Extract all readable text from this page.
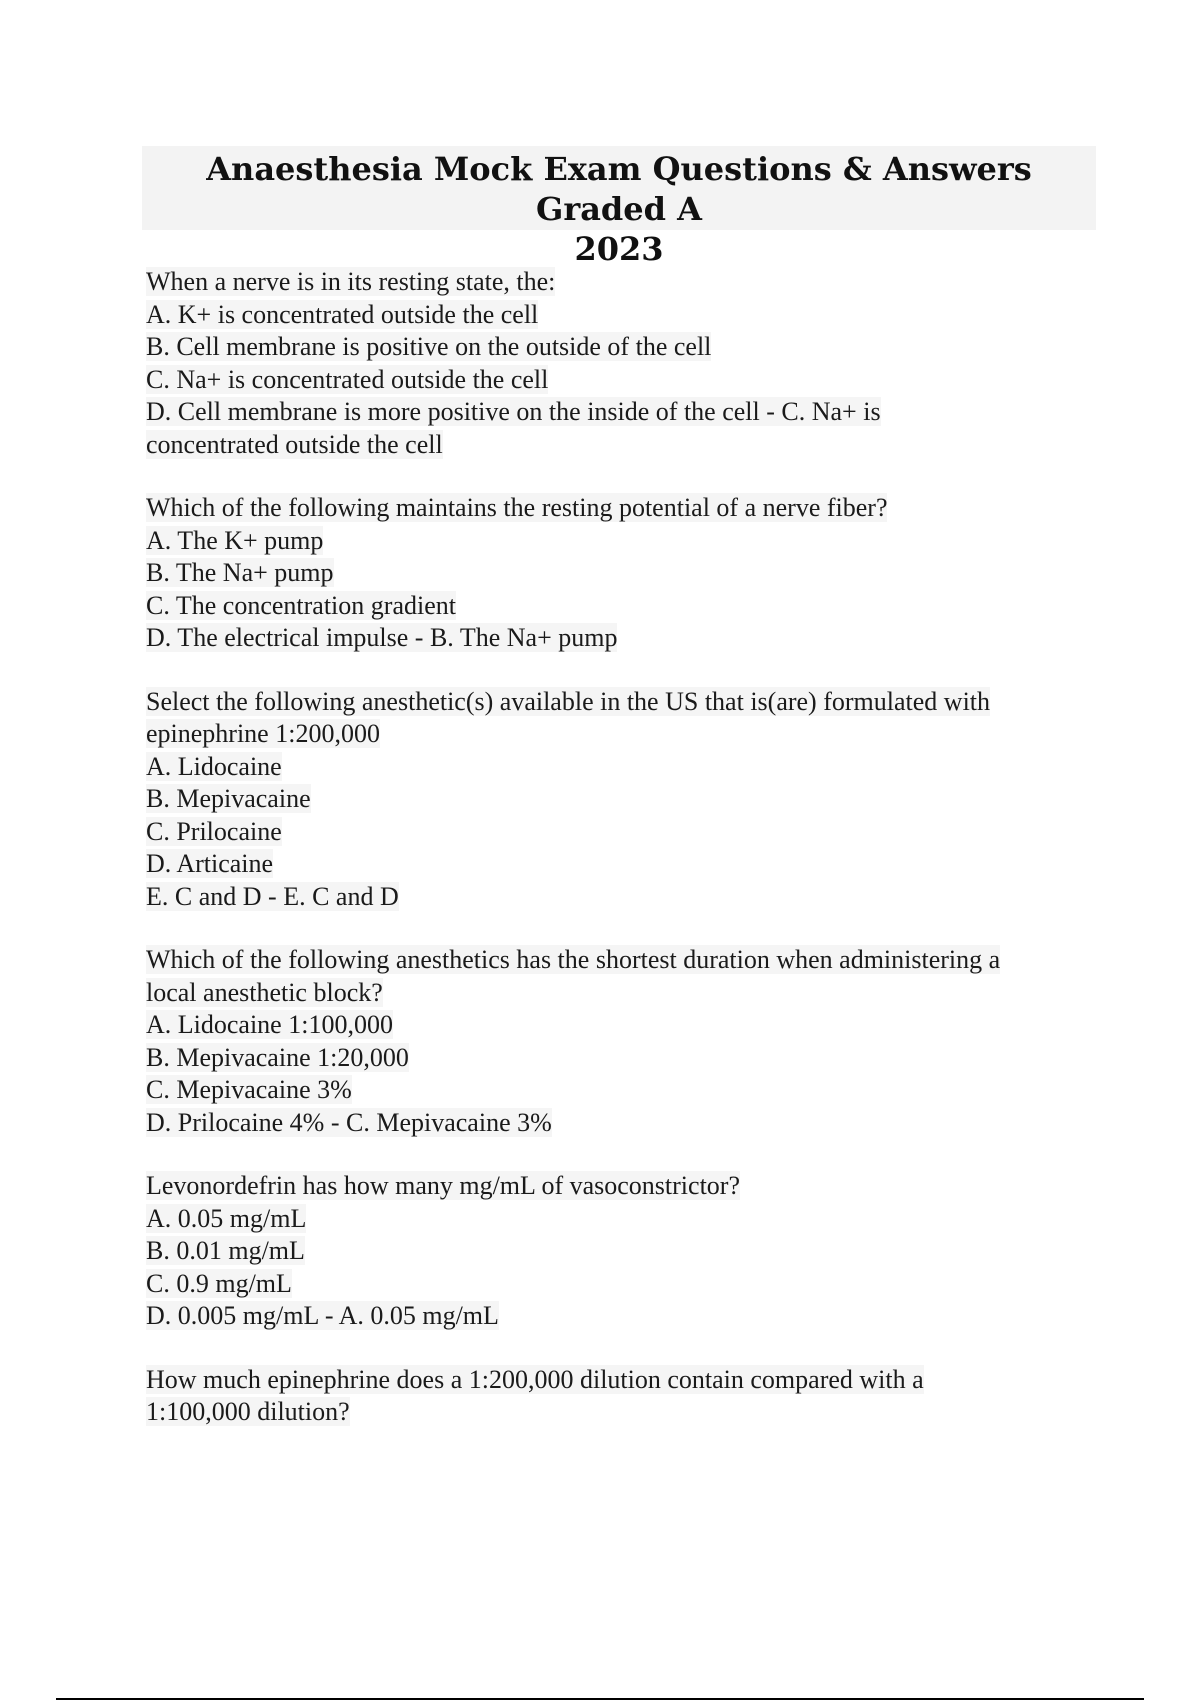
Anaesthesia Mock Exam Questions & Answers Graded A
2023
When a nerve is in its resting state, the:
A. K+ is concentrated outside the cell
B. Cell membrane is positive on the outside of the cell
C. Na+ is concentrated outside the cell
D. Cell membrane is more positive on the inside of the cell - C. Na+ is
concentrated outside the cell
Which of the following maintains the resting potential of a nerve fiber?
A. The K+ pump
B. The Na+ pump
C. The concentration gradient
D. The electrical impulse - B. The Na+ pump
Select the following anesthetic(s) available in the US that is(are) formulated with
epinephrine 1:200,000
A. Lidocaine
B. Mepivacaine
C. Prilocaine
D. Articaine
E. C and D - E. C and D
Which of the following anesthetics has the shortest duration when administering a
local anesthetic block?
A. Lidocaine 1:100,000
B. Mepivacaine 1:20,000
C. Mepivacaine 3%
D. Prilocaine 4% - C. Mepivacaine 3%
Levonordefrin has how many mg/mL of vasoconstrictor?
A. 0.05 mg/mL
B. 0.01 mg/mL
C. 0.9 mg/mL
D. 0.005 mg/mL - A. 0.05 mg/mL
How much epinephrine does a 1:200,000 dilution contain compared with a
1:100,000 dilution?
